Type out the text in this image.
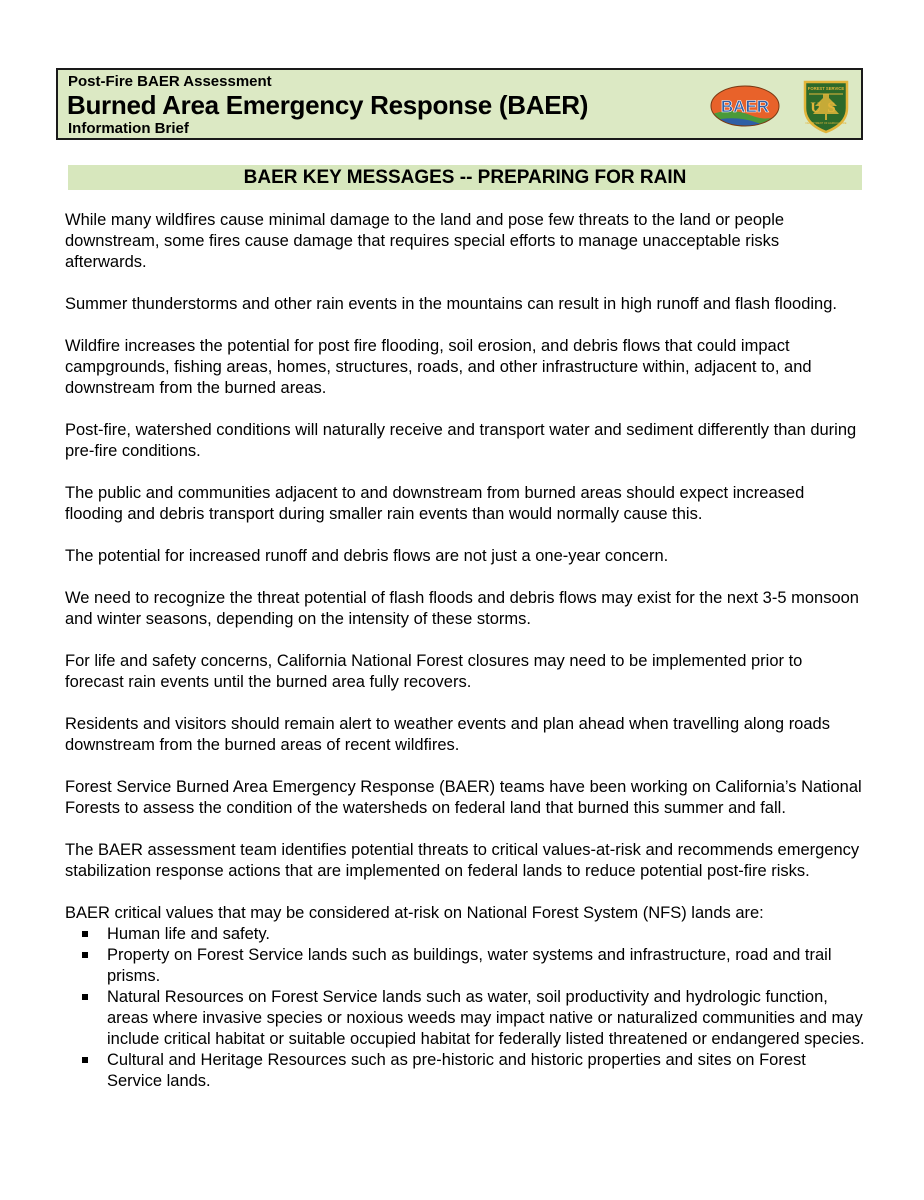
Post-Fire BAER Assessment
Burned Area Emergency Response (BAER)
Information Brief
BAER
FOREST SERVICE
US
DEPARTMENT OF AGRICULTURE
BAER KEY MESSAGES -- PREPARING FOR RAIN

While many wildfires cause minimal damage to the land and pose few threats to the land or people downstream, some fires cause damage that requires special efforts to manage unacceptable risks afterwards.

Summer thunderstorms and other rain events in the mountains can result in high runoff and flash flooding.

Wildfire increases the potential for post fire flooding, soil erosion, and debris flows that could impact campgrounds, fishing areas, homes, structures, roads, and other infrastructure within, adjacent to, and downstream from the burned areas.

Post-fire, watershed conditions will naturally receive and transport water and sediment differently than during pre-fire conditions.

The public and communities adjacent to and downstream from burned areas should expect increased flooding and debris transport during smaller rain events than would normally cause this.

The potential for increased runoff and debris flows are not just a one-year concern.

We need to recognize the threat potential of flash floods and debris flows may exist for the next 3-5 monsoon and winter seasons, depending on the intensity of these storms.

For life and safety concerns, California National Forest closures may need to be implemented prior to forecast rain events until the burned area fully recovers.

Residents and visitors should remain alert to weather events and plan ahead when travelling along roads downstream from the burned areas of recent wildfires.

Forest Service Burned Area Emergency Response (BAER) teams have been working on California’s National Forests to assess the condition of the watersheds on federal land that burned this summer and fall.

The BAER assessment team identifies potential threats to critical values-at-risk and recommends emergency stabilization response actions that are implemented on federal lands to reduce potential post-fire risks.

BAER critical values that may be considered at-risk on National Forest System (NFS) lands are:

Human life and safety.
Property on Forest Service lands such as buildings, water systems and infrastructure, road and trail prisms.
Natural Resources on Forest Service lands such as water, soil productivity and hydrologic function, areas where invasive species or noxious weeds may impact native or naturalized communities and may include critical habitat or suitable occupied habitat for federally listed threatened or endangered species.
Cultural and Heritage Resources such as pre-historic and historic properties and sites on Forest Service lands.
